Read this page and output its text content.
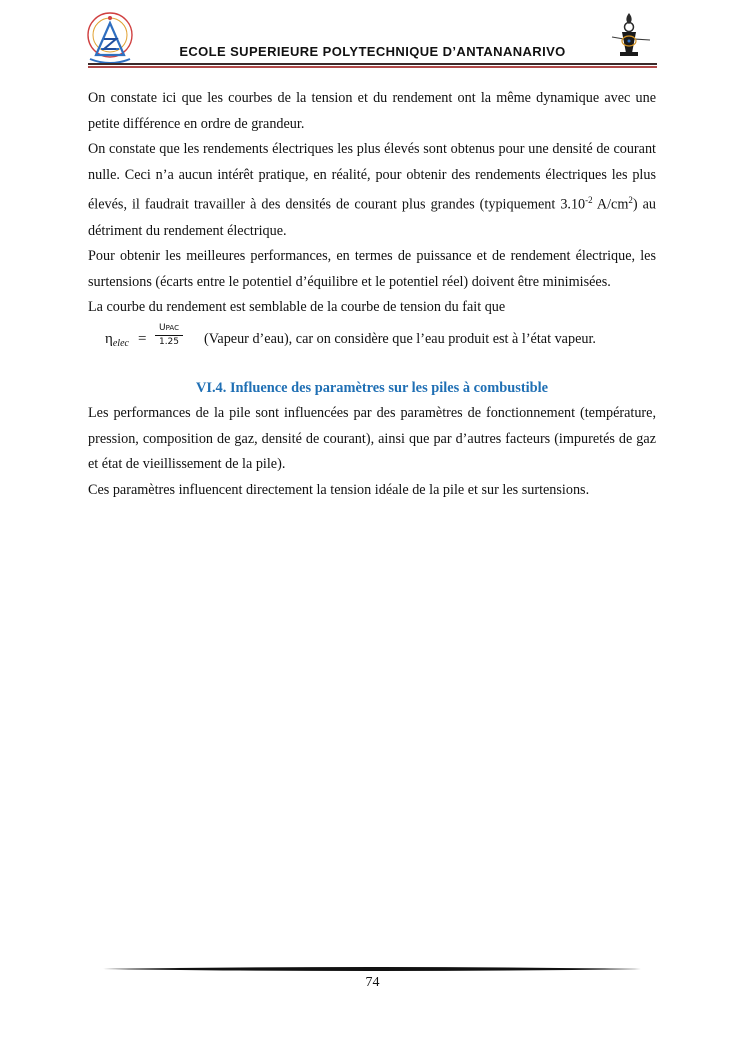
ECOLE SUPERIEURE POLYTECHNIQUE D’ANTANANARIVO

On constate ici que les courbes de la tension et du rendement ont la même dynamique avec une petite différence en ordre de grandeur.

On constate que les rendements électriques les plus élevés sont obtenus pour une densité de courant nulle. Ceci n’a aucun intérêt pratique, en réalité, pour obtenir des rendements électriques les plus élevés, il faudrait travailler à des densités de courant plus grandes (typiquement $3.10^{-2}$ $A/cm^2$) au détriment du rendement électrique.

Pour obtenir les meilleures performances, en termes de puissance et de rendement électrique, les surtensions (écarts entre le potentiel d’équilibre et le potentiel réel) doivent être minimisées.

La courbe du rendement est semblable de la courbe de tension du fait que

$\eta_{elec}$ =
UPAC
1.25 (Vapeur d’eau), car on considère que l’eau produit est à l’état vapeur.
VI.4. Influence des paramètres sur les piles à combustible

Les performances de la pile sont influencées par des paramètres de fonctionnement (température, pression, composition de gaz, densité de courant), ainsi que par d’autres facteurs (impuretés de gaz et état de vieillissement de la pile).

Ces paramètres influencent directement la tension idéale de la pile et sur les surtensions.

74
